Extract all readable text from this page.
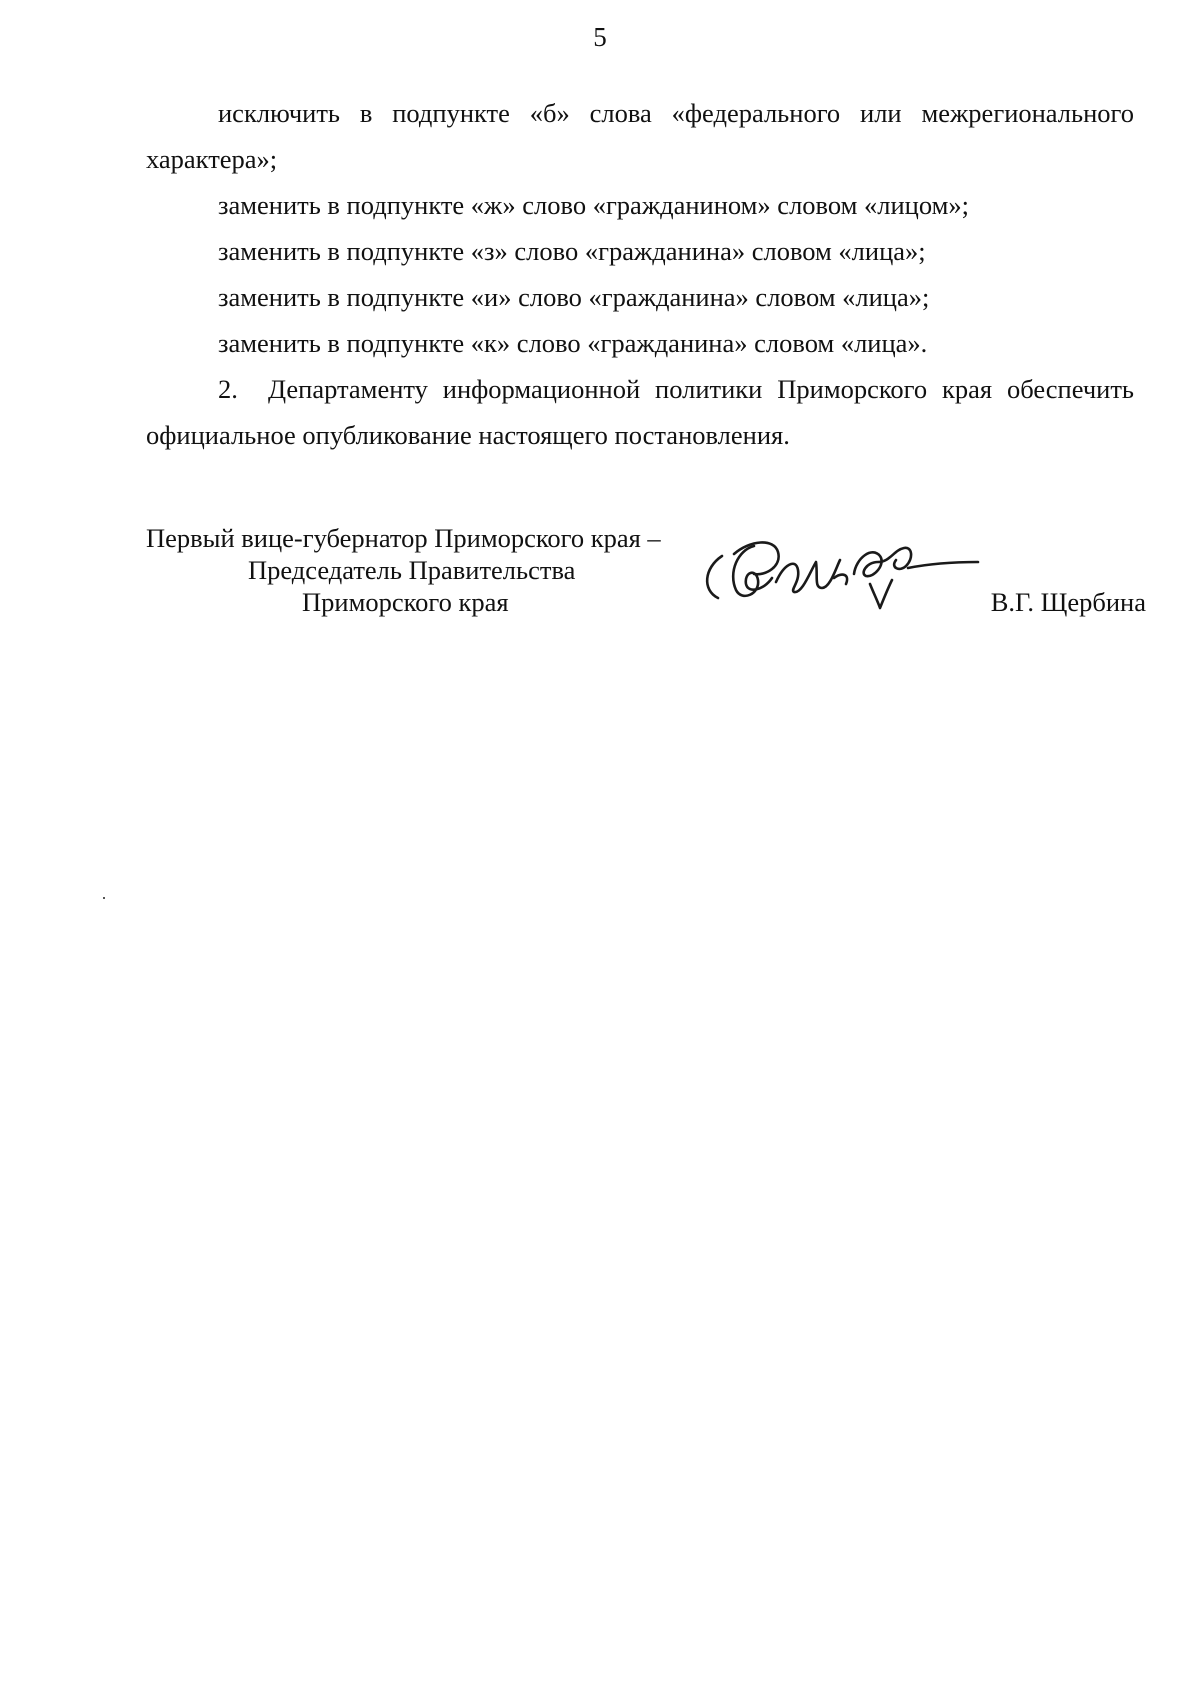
5

исключить в подпункте «б» слова «федерального или межрегионального характера»;

заменить в подпункте «ж» слово «гражданином» словом «лицом»;

заменить в подпункте «з» слово «гражданина» словом «лица»;

заменить в подпункте «и» слово «гражданина» словом «лица»;

заменить в подпункте «к» слово «гражданина» словом «лица».

2. Департаменту информационной политики Приморского края обеспечить официальное опубликование настоящего постановления.

Первый вице-губернатор Приморского края –
Председатель Правительства
Приморского края	В.Г. Щербина
